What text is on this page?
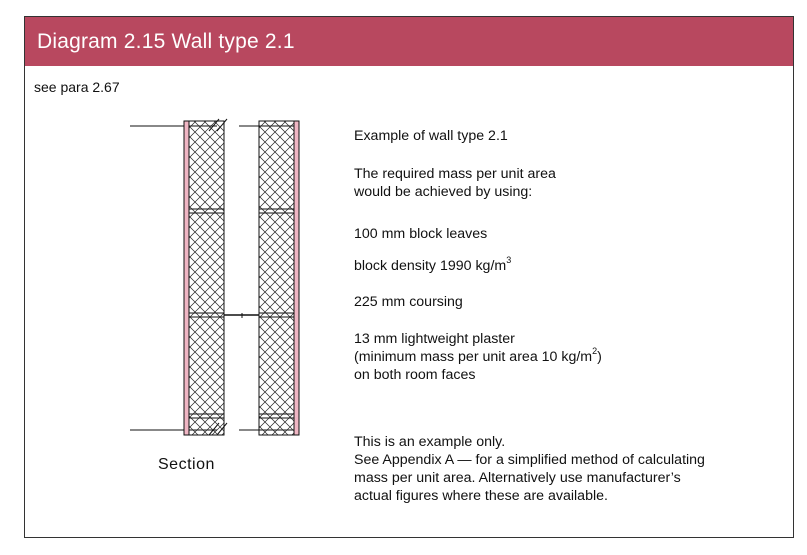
Diagram 2.15 Wall type 2.1
see para 2.67
Section

Example of wall type 2.1

The required mass per unit area

would be achieved by using:

100 mm block leaves

block density 1990 $kg/m^3$

225 mm coursing

13 mm lightweight plaster

(minimum mass per unit area 10 $kg/m^2$)

on both room faces

This is an example only.

See Appendix A — for a simplified method of calculating

mass per unit area. Alternatively use manufacturer’s

actual figures where these are available.
